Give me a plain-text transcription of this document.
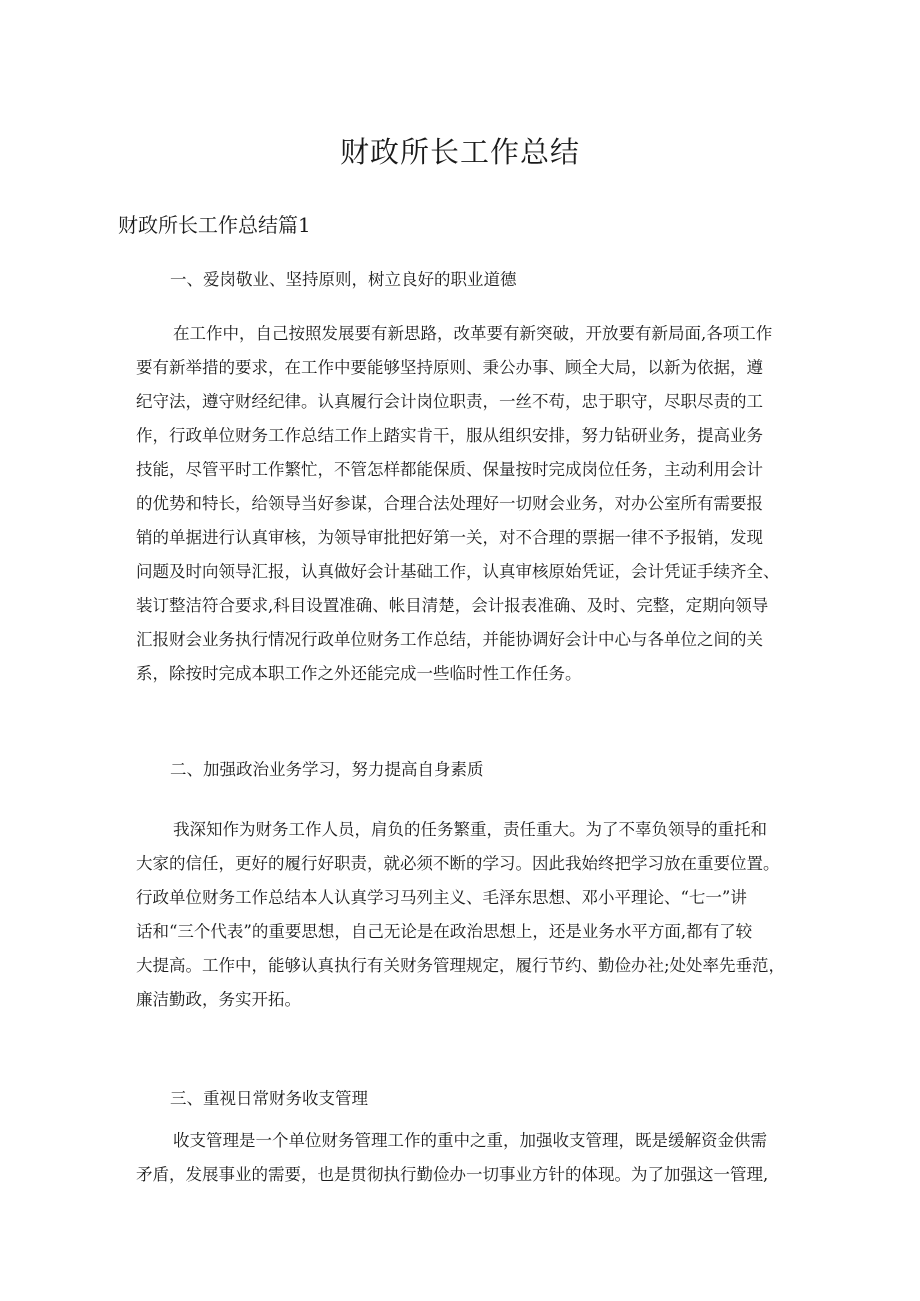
财政所长工作总结
财政所长工作总结篇1
一、爱岗敬业、坚持原则，树立良好的职业道德
在工作中，自己按照发展要有新思路，改革要有新突破，开放要有新局面,各项工作
要有新举措的要求，在工作中要能够坚持原则、秉公办事、顾全大局，以新为依据，遵
纪守法，遵守财经纪律。认真履行会计岗位职责，一丝不苟，忠于职守，尽职尽责的工
作，行政单位财务工作总结工作上踏实肯干，服从组织安排，努力钻研业务，提高业务
技能，尽管平时工作繁忙，不管怎样都能保质、保量按时完成岗位任务，主动利用会计
的优势和特长，给领导当好参谋，合理合法处理好一切财会业务，对办公室所有需要报
销的单据进行认真审核，为领导审批把好第一关，对不合理的票据一律不予报销，发现
问题及时向领导汇报，认真做好会计基础工作，认真审核原始凭证，会计凭证手续齐全、
装订整洁符合要求,科目设置准确、帐目清楚，会计报表准确、及时、完整，定期向领导
汇报财会业务执行情况行政单位财务工作总结，并能协调好会计中心与各单位之间的关
系，除按时完成本职工作之外还能完成一些临时性工作任务。
二、加强政治业务学习，努力提高自身素质
我深知作为财务工作人员，肩负的任务繁重，责任重大。为了不辜负领导的重托和
大家的信任，更好的履行好职责，就必须不断的学习。因此我始终把学习放在重要位置。
行政单位财务工作总结本人认真学习马列主义、毛泽东思想、邓小平理论、“七一”讲
话和“三个代表”的重要思想，自己无论是在政治思想上，还是业务水平方面,都有了较
大提高。工作中，能够认真执行有关财务管理规定，履行节约、勤俭办社;处处率先垂范，
廉洁勤政，务实开拓。
三、重视日常财务收支管理
收支管理是一个单位财务管理工作的重中之重，加强收支管理，既是缓解资金供需
矛盾，发展事业的需要，也是贯彻执行勤俭办一切事业方针的体现。为了加强这一管理,
